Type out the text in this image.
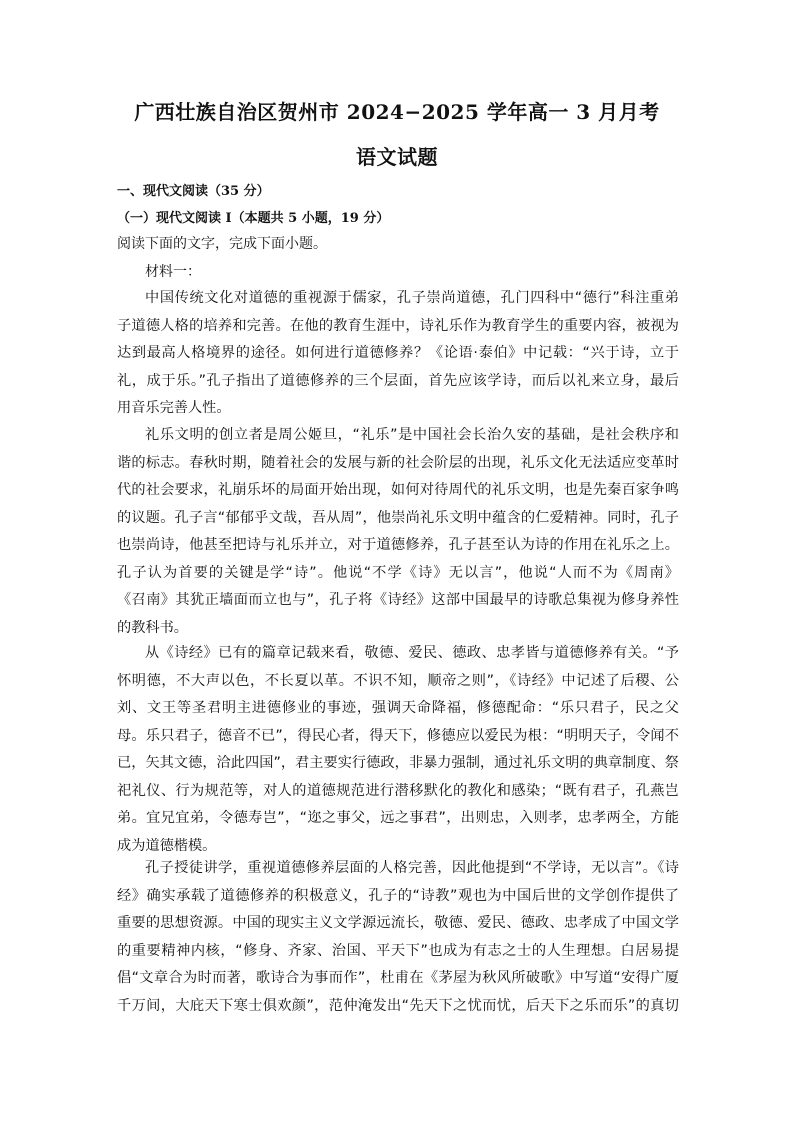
广西壮族自治区贺州市 2024−2025 学年高一 3 月月考
语文试题
一、现代文阅读（35 分）
（一）现代文阅读 I（本题共 5 小题，19 分）
阅读下面的文字，完成下面小题。
材料一：
中国传统文化对道德的重视源于儒家，孔子崇尚道德，孔门四科中“德行”科注重弟
子道德人格的培养和完善。在他的教育生涯中，诗礼乐作为教育学生的重要内容，被视为
达到最高人格境界的途径。如何进行道德修养？《论语·泰伯》中记载：“兴于诗，立于
礼，成于乐。”孔子指出了道德修养的三个层面，首先应该学诗，而后以礼来立身，最后
用音乐完善人性。
礼乐文明的创立者是周公姬旦，“礼乐”是中国社会长治久安的基础，是社会秩序和
谐的标志。春秋时期，随着社会的发展与新的社会阶层的出现，礼乐文化无法适应变革时
代的社会要求，礼崩乐坏的局面开始出现，如何对待周代的礼乐文明，也是先秦百家争鸣
的议题。孔子言“郁郁乎文哉，吾从周”，他崇尚礼乐文明中蕴含的仁爱精神。同时，孔子
也崇尚诗，他甚至把诗与礼乐并立，对于道德修养，孔子甚至认为诗的作用在礼乐之上。
孔子认为首要的关键是学“诗”。他说“不学《诗》无以言”，他说“人而不为《周南》
《召南》其犹正墙面而立也与”，孔子将《诗经》这部中国最早的诗歌总集视为修身养性
的教科书。
从《诗经》已有的篇章记载来看，敬德、爱民、德政、忠孝皆与道德修养有关。“予
怀明德，不大声以色，不长夏以革。不识不知，顺帝之则”，《诗经》中记述了后稷、公
刘、文王等圣君明主进德修业的事迹，强调天命降福，修德配命：“乐只君子，民之父
母。乐只君子，德音不已”，得民心者，得天下，修德应以爱民为根：“明明天子，令闻不
已，矢其文德，洽此四国”，君主要实行德政，非暴力强制，通过礼乐文明的典章制度、祭
祀礼仪、行为规范等，对人的道德规范进行潜移默化的教化和感染；“既有君子，孔燕岂
弟。宜兄宜弟，令德寿岂”，“迩之事父，远之事君”，出则忠，入则孝，忠孝两全，方能
成为道德楷模。
孔子授徒讲学，重视道德修养层面的人格完善，因此他提到“不学诗，无以言”。《诗
经》确实承载了道德修养的积极意义，孔子的“诗教”观也为中国后世的文学创作提供了
重要的思想资源。中国的现实主义文学源远流长，敬德、爱民、德政、忠孝成了中国文学
的重要精神内核，“修身、齐家、治国、平天下”也成为有志之士的人生理想。白居易提
倡“文章合为时而著，歌诗合为事而作”，杜甫在《茅屋为秋风所破歌》中写道“安得广厦
千万间，大庇天下寒士俱欢颜”，范仲淹发出“先天下之忧而忧，后天下之乐而乐”的真切
